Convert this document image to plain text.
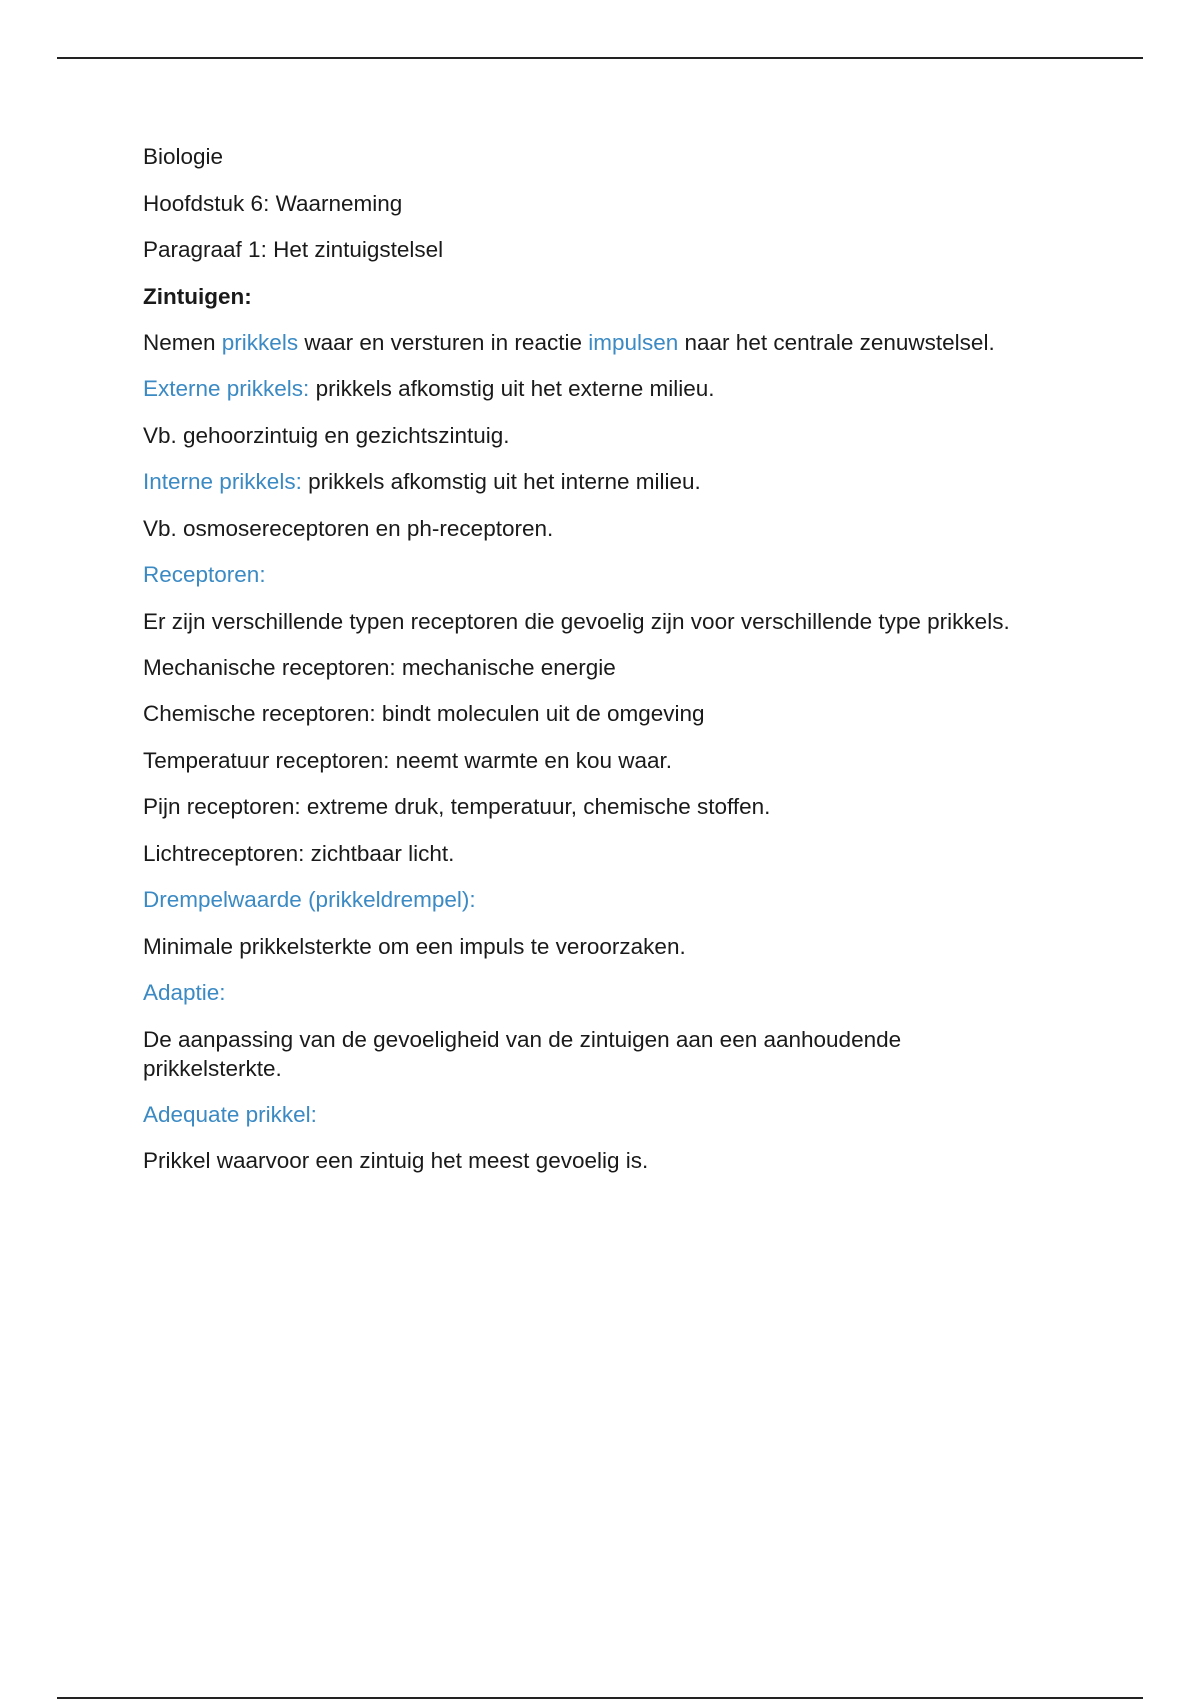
Biologie

Hoofdstuk 6: Waarneming

Paragraaf 1: Het zintuigstelsel

Zintuigen:

Nemen prikkels waar en versturen in reactie impulsen naar het centrale zenuwstelsel.

Externe prikkels: prikkels afkomstig uit het externe milieu.

Vb. gehoorzintuig en gezichtszintuig.

Interne prikkels: prikkels afkomstig uit het interne milieu.

Vb. osmosereceptoren en ph-receptoren.

Receptoren:

Er zijn verschillende typen receptoren die gevoelig zijn voor verschillende type prikkels.

Mechanische receptoren: mechanische energie

Chemische receptoren: bindt moleculen uit de omgeving

Temperatuur receptoren: neemt warmte en kou waar.

Pijn receptoren: extreme druk, temperatuur, chemische stoffen.

Lichtreceptoren: zichtbaar licht.

Drempelwaarde (prikkeldrempel):

Minimale prikkelsterkte om een impuls te veroorzaken.

Adaptie:

De aanpassing van de gevoeligheid van de zintuigen aan een aanhoudende prikkelsterkte.

Adequate prikkel:

Prikkel waarvoor een zintuig het meest gevoelig is.
